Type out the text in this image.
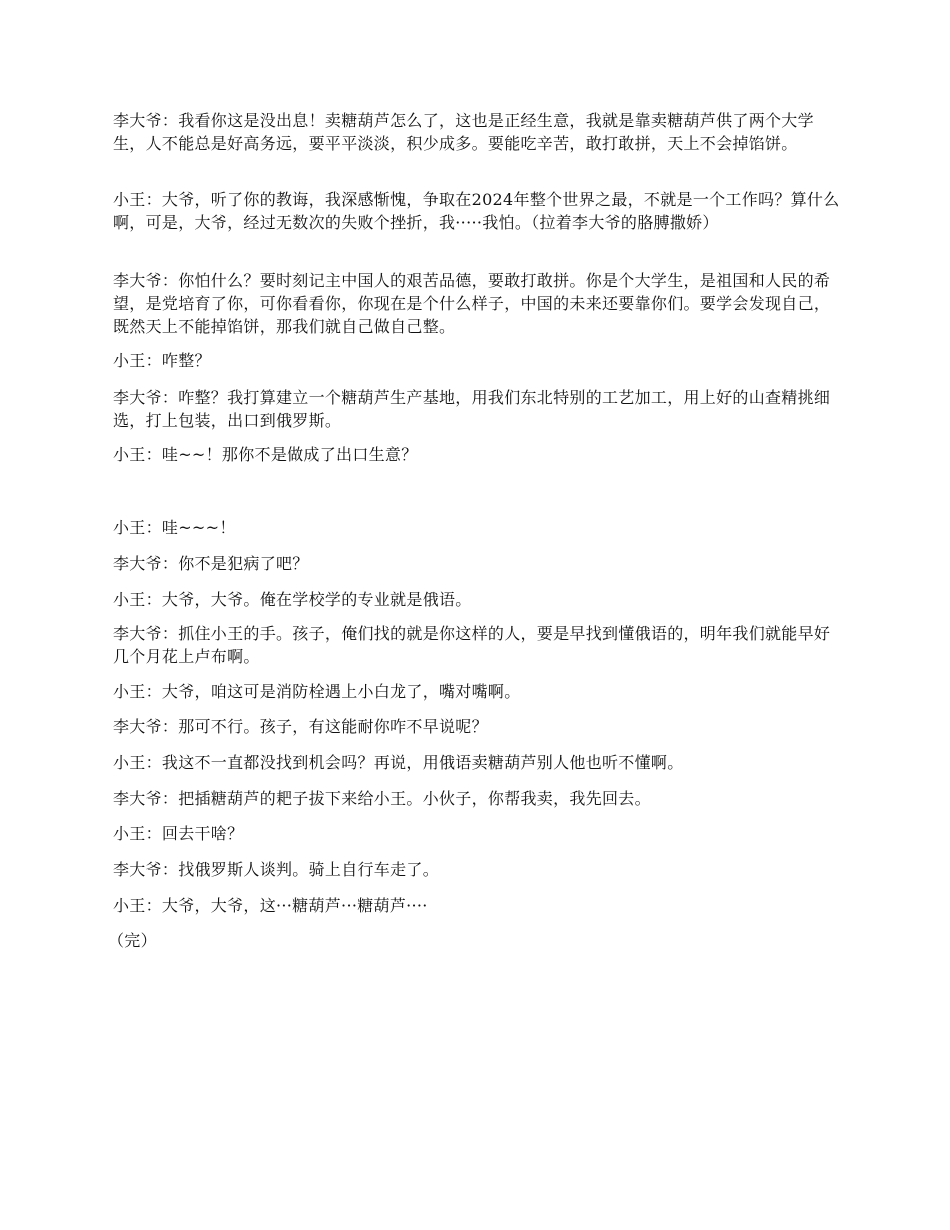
李大爷：我看你这是没出息！卖糖葫芦怎么了，这也是正经生意，我就是靠卖糖葫芦供了两个大学生，人不能总是好高务远，要平平淡淡，积少成多。要能吃辛苦，敢打敢拼，天上不会掉馅饼。

小王：大爷，听了你的教诲，我深感惭愧，争取在2024年整个世界之最，不就是一个工作吗？算什么啊，可是，大爷，经过无数次的失败个挫折，我·····我怕。（拉着李大爷的胳膊撒娇）

李大爷：你怕什么？要时刻记主中国人的艰苦品德，要敢打敢拼。你是个大学生，是祖国和人民的希望，是党培育了你，可你看看你，你现在是个什么样子，中国的未来还要靠你们。要学会发现自己，既然天上不能掉馅饼，那我们就自己做自己整。

小王：咋整？

李大爷：咋整？我打算建立一个糖葫芦生产基地，用我们东北特别的工艺加工，用上好的山查精挑细选，打上包装，出口到俄罗斯。

小王：哇~~！那你不是做成了出口生意？

小王：哇~~~！

李大爷：你不是犯病了吧？

小王：大爷，大爷。俺在学校学的专业就是俄语。

李大爷：抓住小王的手。孩子，俺们找的就是你这样的人，要是早找到懂俄语的，明年我们就能早好几个月花上卢布啊。

小王：大爷，咱这可是消防栓遇上小白龙了，嘴对嘴啊。

李大爷：那可不行。孩子，有这能耐你咋不早说呢？

小王：我这不一直都没找到机会吗？再说，用俄语卖糖葫芦别人他也听不懂啊。

李大爷：把插糖葫芦的耙子拔下来给小王。小伙子，你帮我卖，我先回去。

小王：回去干啥？

李大爷：找俄罗斯人谈判。骑上自行车走了。

小王：大爷，大爷，这···糖葫芦···糖葫芦····

（完）
